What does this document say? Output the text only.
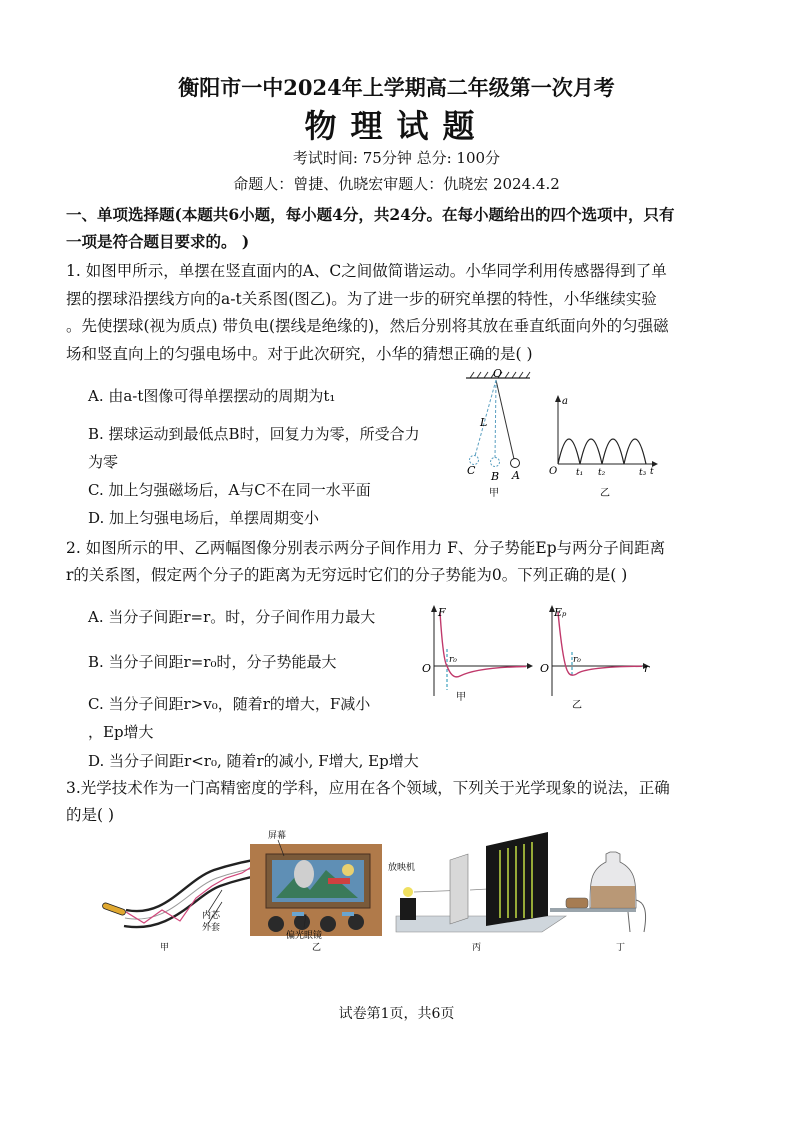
衡阳市一中2024年上学期高二年级第一次月考
物理试题
考试时间: 75分钟 总分: 100分
命题人：曾捷、仇晓宏审题人：仇晓宏 2024.4.2
一、单项选择题(本题共6小题，每小题4分，共24分。在每小题给出的四个选项中，只有
一项是符合题目要求的。 )
1. 如图甲所示，单摆在竖直面内的A、C之间做简谐运动。小华同学利用传感器得到了单
摆的摆球沿摆线方向的a-t关系图(图乙)。为了进一步的研究单摆的特性，小华继续实验
。先使摆球(视为质点) 带负电(摆线是绝缘的)，然后分别将其放在垂直纸面向外的匀强磁
场和竖直向上的匀强电场中。对于此次研究，小华的猜想正确的是( )
A. 由a-t图像可得单摆摆动的周期为t₁
B. 摆球运动到最低点B时，回复力为零，所受合力
为零
C. 加上匀强磁场后，A与C不在同一水平面
D. 加上匀强电场后，单摆周期变小
O
L
A
B
C
甲
a
O t₁ t₂	t₃ t
乙
2. 如图所示的甲、乙两幅图像分别表示两分子间作用力 F、分子势能Ep与两分子间距离
r的关系图，假定两个分子的距离为无穷远时它们的分子势能为0。下列正确的是( )
A. 当分子间距r=r。时，分子间作用力最大
B. 当分子间距r=r₀时，分子势能最大
C. 当分子间距r>v₀，随着r的增大，F减小
，Ep增大
D. 当分子间距r<r₀, 随着r的减小, F增大, Ep增大
F
O
r₀
甲
Eₚ
O
r₀
r
乙
3.光学技术作为一门高精密度的学科，应用在各个领域，下列关于光学现象的说法，正确
的是( )
内芯
外套
甲
屏幕
偏光眼镜
乙
放映机
丙	丁
试卷第1页，共6页
